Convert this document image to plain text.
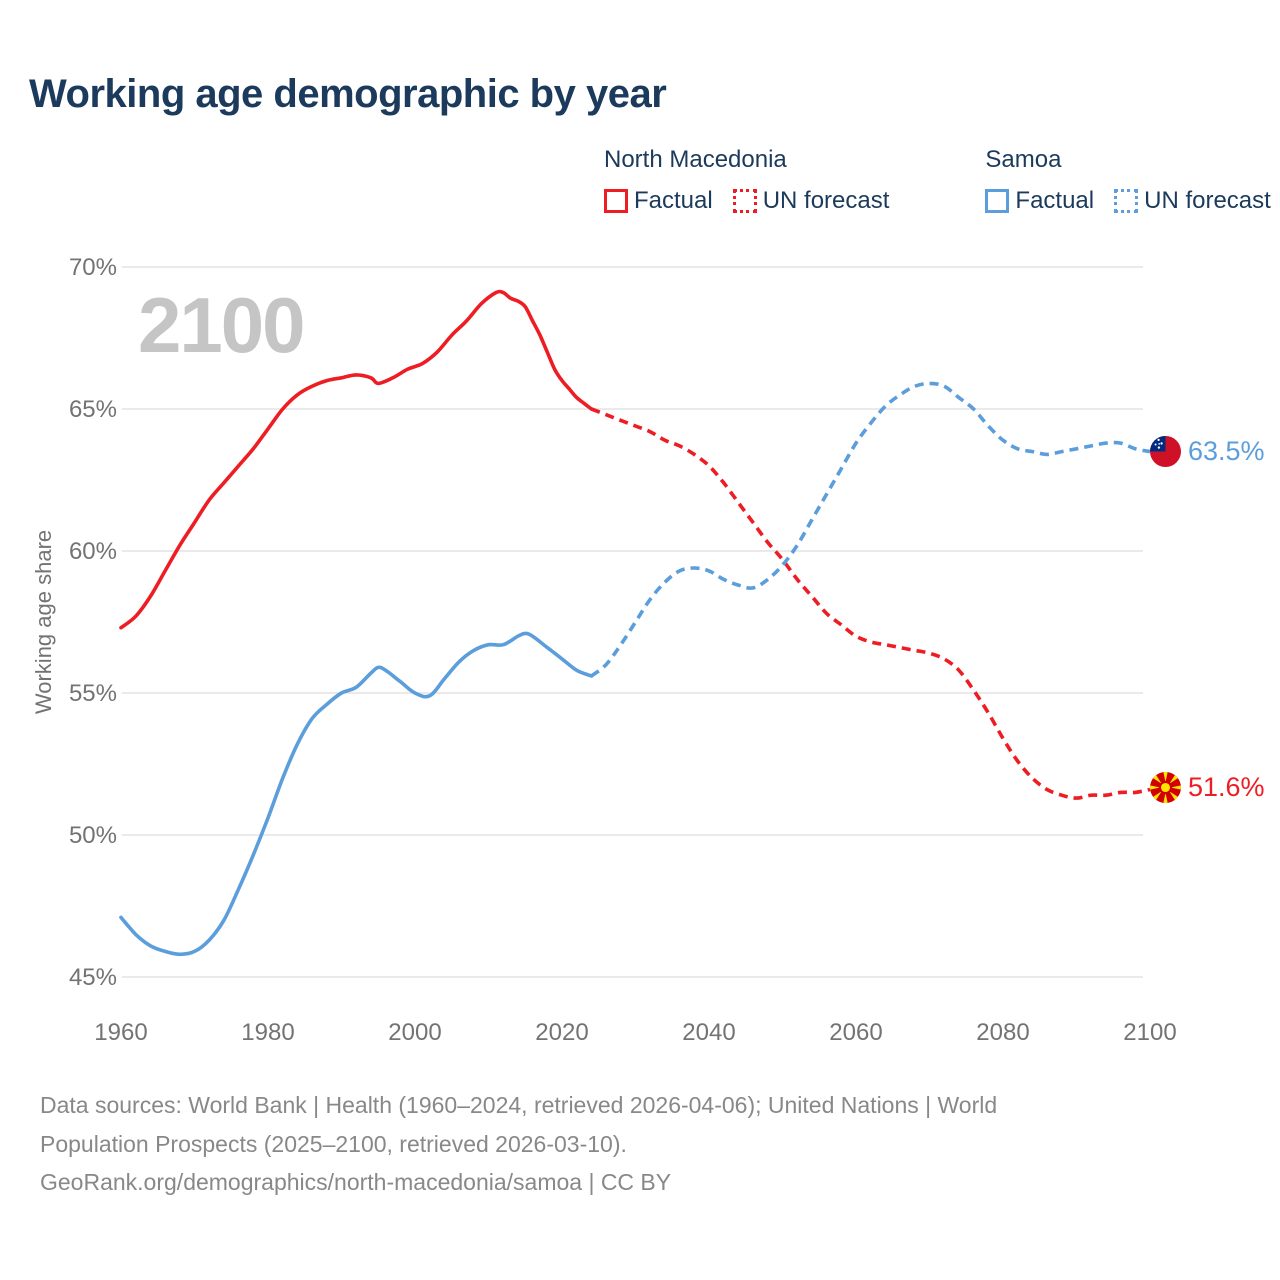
70%
65%
60%
55%
50%
45%
1960	1980	2000	2020	2040	2060	2080	2100
2100
Working age demographic by year
North Macedonia
Factual UN forecast
Samoa
Factual UN forecast
Working age share
63.5%
51.6%
Data sources: World Bank | Health (1960–2024, retrieved 2026-04-06); United Nations | World
Population Prospects (2025–2100, retrieved 2026-03-10).
GeoRank.org/demographics/north-macedonia/samoa | CC BY
